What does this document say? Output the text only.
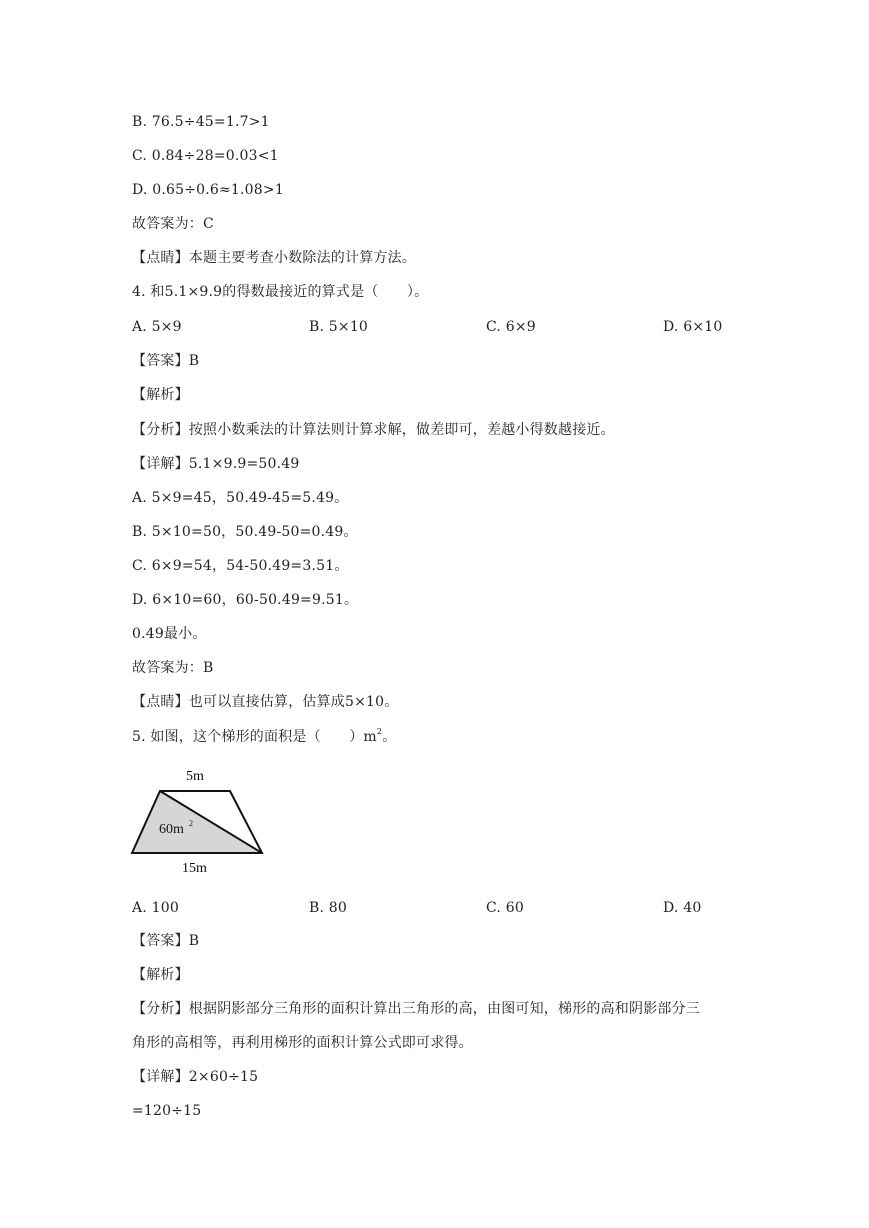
B. 76.5÷45=1.7>1
C. 0.84÷28=0.03<1
D. 0.65÷0.6≈1.08>1
故答案为：C
【点睛】本题主要考查小数除法的计算方法。
4. 和5.1×9.9的得数最接近的算式是（　　）。
A. 5×9	B. 5×10	C. 6×9	D. 6×10
【答案】B
【解析】
【分析】按照小数乘法的计算法则计算求解，做差即可，差越小得数越接近。
【详解】5.1×9.9=50.49
A. 5×9=45，50.49-45=5.49。
B. 5×10=50，50.49-50=0.49。
C. 6×9=54，54-50.49=3.51。
D. 6×10=60，60-50.49=9.51。
0.49最小。
故答案为：B
【点睛】也可以直接估算，估算成5×10。
5. 如图，这个梯形的面积是（　　）$m^2$。
5m
60m 2
15m
A. 100	B. 80	C. 60	D. 40
【答案】B
【解析】
【分析】根据阴影部分三角形的面积计算出三角形的高，由图可知，梯形的高和阴影部分三
角形的高相等，再利用梯形的面积计算公式即可求得。
【详解】2×60÷15
=120÷15
